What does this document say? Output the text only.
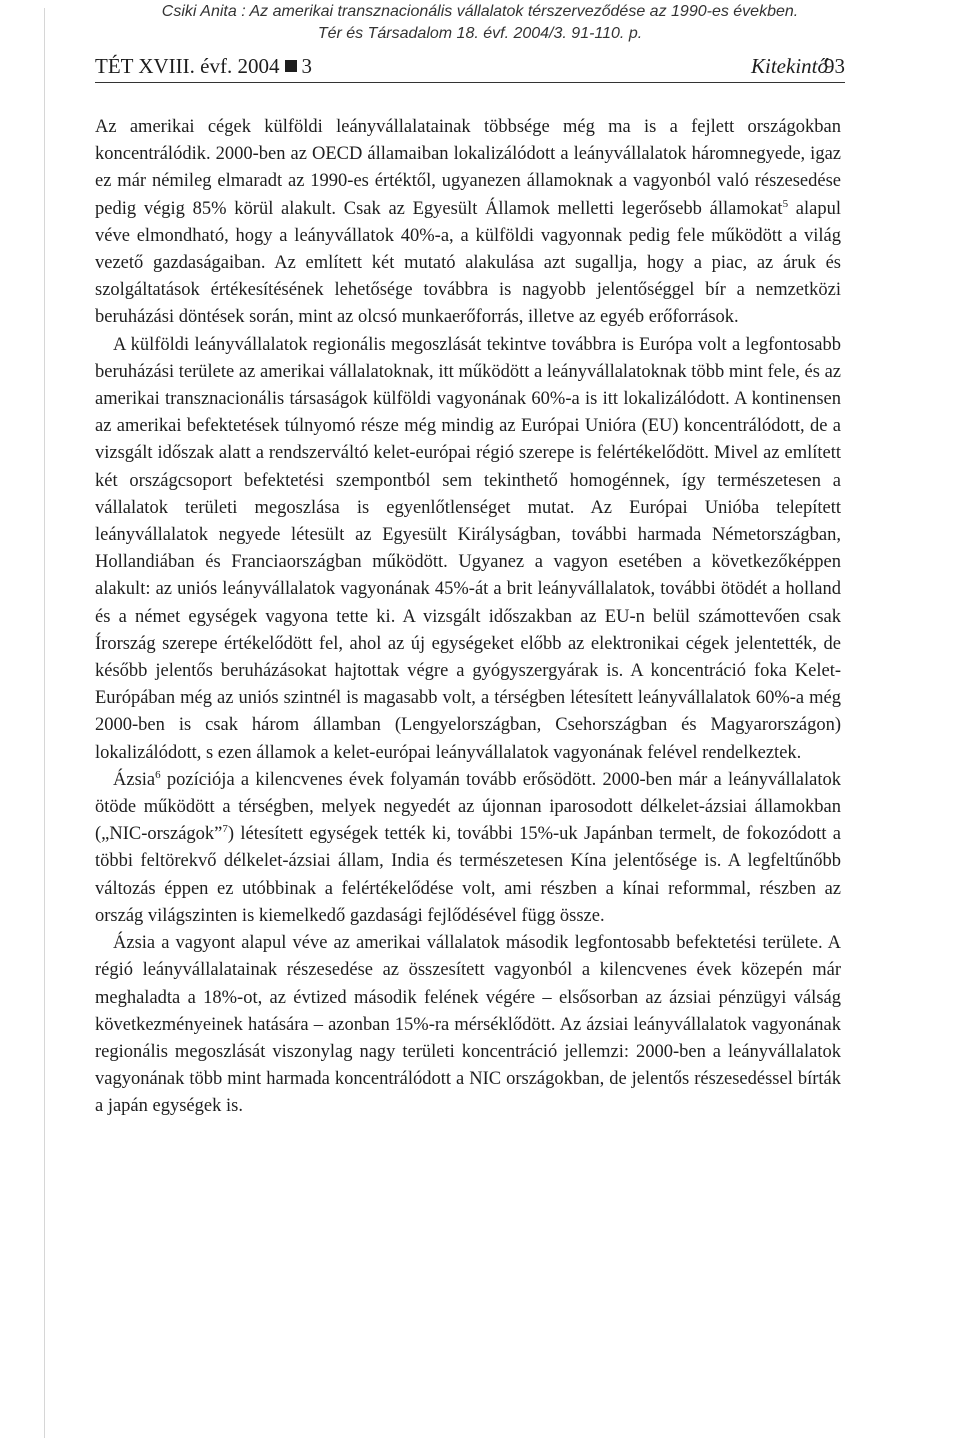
Csiki Anita : Az amerikai transznacionális vállalatok térszerveződése az 1990-es években.
Tér és Társadalom 18. évf. 2004/3. 91-110. p.
TÉT XVIII. évf. 2004 3	Kitekintő
93

Az amerikai cégek külföldi leányvállalatainak többsége még ma is a fejlett országokban koncentrálódik. 2000-ben az OECD államaiban lokalizálódott a leányvállalatok háromnegyede, igaz ez már némileg elmaradt az 1990-es értéktől, ugyanezen államoknak a vagyonból való részesedése pedig végig 85% körül alakult. Csak az Egyesült Államok melletti legerősebb államokat$^5$ alapul véve elmondható, hogy a leányvállatok 40%-a, a külföldi vagyonnak pedig fele működött a világ vezető gazdaságaiban. Az említett két mutató alakulása azt sugallja, hogy a piac, az áruk és szolgáltatások értékesítésének lehetősége továbbra is nagyobb jelentőséggel bír a nemzetközi beruházási döntések során, mint az olcsó munkaerőforrás, illetve az egyéb erőforrások.

A külföldi leányvállalatok regionális megoszlását tekintve továbbra is Európa volt a legfontosabb beruházási területe az amerikai vállalatoknak, itt működött a leányvállalatoknak több mint fele, és az amerikai transznacionális társaságok külföldi vagyonának 60%-a is itt lokalizálódott. A kontinensen az amerikai befektetések túlnyomó része még mindig az Európai Unióra (EU) koncentrálódott, de a vizsgált időszak alatt a rendszerváltó kelet-európai régió szerepe is felértékelődött. Mivel az említett két országcsoport befektetési szempontból sem tekinthető homogénnek, így természetesen a vállalatok területi megoszlása is egyenlőtlenséget mutat. Az Európai Unióba telepített leányvállalatok negyede létesült az Egyesült Királyságban, további harmada Németországban, Hollandiában és Franciaországban működött. Ugyanez a vagyon esetében a következőképpen alakult: az uniós leányvállalatok vagyonának 45%-át a brit leányvállalatok, további ötödét a holland és a német egységek vagyona tette ki. A vizsgált időszakban az EU-n belül számottevően csak Írország szerepe értékelődött fel, ahol az új egységeket előbb az elektronikai cégek jelentették, de később jelentős beruházásokat hajtottak végre a gyógyszergyárak is. A koncentráció foka Kelet-Európában még az uniós szintnél is magasabb volt, a térségben létesített leányvállalatok 60%-a még 2000-ben is csak három államban (Lengyelországban, Csehországban és Magyarországon) lokalizálódott, s ezen államok a kelet-európai leányvállalatok vagyonának felével rendelkeztek.

Ázsia$^6$ pozíciója a kilencvenes évek folyamán tovább erősödött. 2000-ben már a leányvállalatok ötöde működött a térségben, melyek negyedét az újonnan iparosodott délkelet-ázsiai államokban („NIC-országok”$^7$) létesített egységek tették ki, további 15%-uk Japánban termelt, de fokozódott a többi feltörekvő délkelet-ázsiai állam, India és természetesen Kína jelentősége is. A legfeltűnőbb változás éppen ez utóbbinak a felértékelődése volt, ami részben a kínai reformmal, részben az ország világszinten is kiemelkedő gazdasági fejlődésével függ össze.

Ázsia a vagyont alapul véve az amerikai vállalatok második legfontosabb befektetési területe. A régió leányvállalatainak részesedése az összesített vagyonból a kilencvenes évek közepén már meghaladta a 18%-ot, az évtized második felének végére – elsősorban az ázsiai pénzügyi válság következményeinek hatására – azonban 15%-ra mérséklődött. Az ázsiai leányvállalatok vagyonának regionális megoszlását viszonylag nagy területi koncentráció jellemzi: 2000-ben a leányvállalatok vagyonának több mint harmada koncentrálódott a NIC országokban, de jelentős részesedéssel bírták a japán egységek is.
